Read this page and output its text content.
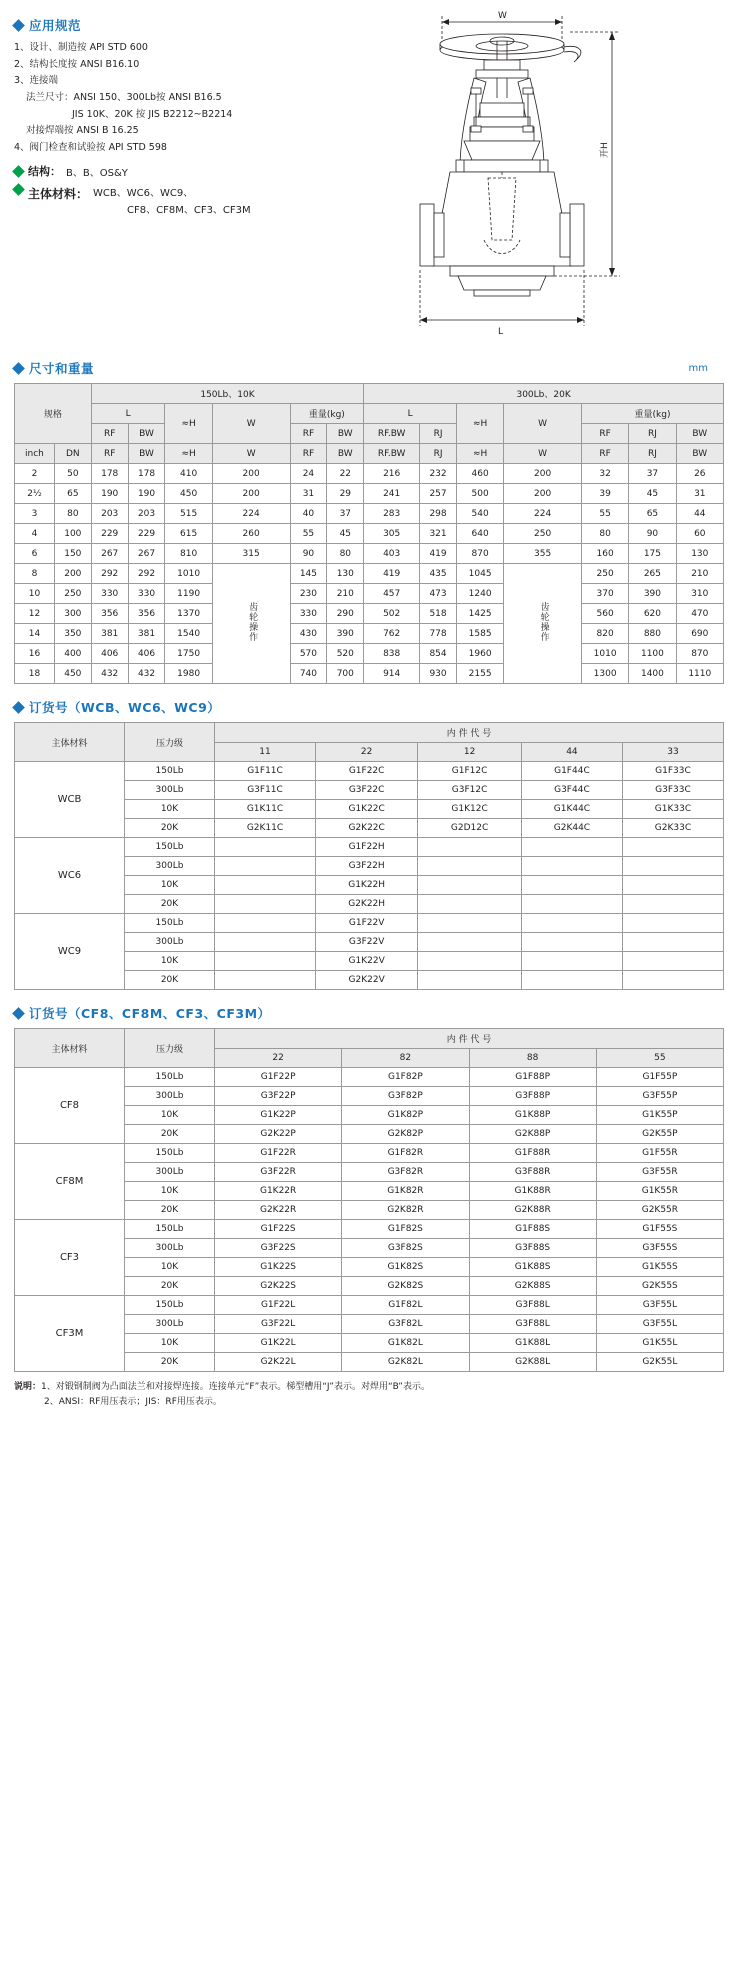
应用规范
1、设计、制造按 API STD 600
2、结构长度按 ANSI B16.10
3、连接端
法兰尺寸：ANSI 150、300Lb按 ANSI B16.5
JIS 10K、20K 按 JIS B2212~B2214
对接焊端按 ANSI B 16.25
4、阀门检查和试验按 API STD 598
结构： B、B、OS&Y
主体材料： WCB、WC6、WC9、
CF8、CF8M、CF3、CF3M
W
开H
L
尺寸和重量	mm
规格		150Lb、10K						300Lb、20K						
		L		≈H	W	重量(kg)		L		≈H	W	重量(kg)		
		RF	BW			RF	BW	RF.BW	RJ			RF	RJ	BW
inch	DN	RF	BW	≈H	W	RF	BW	RF.BW	RJ	≈H	W	RF	RJ	BW
2	50	178	178	410	200	24	22	216	232	460	200	32	37	26
2½	65	190	190	450	200	31	29	241	257	500	200	39	45	31
3	80	203	203	515	224	40	37	283	298	540	224	55	65	44
4	100	229	229	615	260	55	45	305	321	640	250	80	90	60
6	150	267	267	810	315	90	80	403	419	870	355	160	175	130
8	200	292	292	1010	齿轮操作	145	130	419	435	1045	齿轮操作	250	265	210
10	250	330	330	1190		230	210	457	473	1240		370	390	310
12	300	356	356	1370		330	290	502	518	1425		560	620	470
14	350	381	381	1540		430	390	762	778	1585		820	880	690
16	400	406	406	1750		570	520	838	854	1960		1010	1100	870
18	450	432	432	1980		740	700	914	930	2155		1300	1400	1110
订货号（WCB、WC6、WC9）
主体材料	压力级	内 件 代 号				
		11	22	12	44	33
WCB	150Lb	G1F11C	G1F22C	G1F12C	G1F44C	G1F33C
	300Lb	G3F11C	G3F22C	G3F12C	G3F44C	G3F33C
	10K	G1K11C	G1K22C	G1K12C	G1K44C	G1K33C
	20K	G2K11C	G2K22C	G2D12C	G2K44C	G2K33C
WC6	150Lb		G1F22H			
	300Lb		G3F22H			
	10K		G1K22H			
	20K		G2K22H			
WC9	150Lb		G1F22V			
	300Lb		G3F22V			
	10K		G1K22V			
	20K		G2K22V			
订货号（CF8、CF8M、CF3、CF3M）
主体材料	压力级	内 件 代 号			
		22	82	88	55
CF8	150Lb	G1F22P	G1F82P	G1F88P	G1F55P
	300Lb	G3F22P	G3F82P	G3F88P	G3F55P
	10K	G1K22P	G1K82P	G1K88P	G1K55P
	20K	G2K22P	G2K82P	G2K88P	G2K55P
CF8M	150Lb	G1F22R	G1F82R	G1F88R	G1F55R
	300Lb	G3F22R	G3F82R	G3F88R	G3F55R
	10K	G1K22R	G1K82R	G1K88R	G1K55R
	20K	G2K22R	G2K82R	G2K88R	G2K55R
CF3	150Lb	G1F22S	G1F82S	G1F88S	G1F55S
	300Lb	G3F22S	G3F82S	G3F88S	G3F55S
	10K	G1K22S	G1K82S	G1K88S	G1K55S
	20K	G2K22S	G2K82S	G2K88S	G2K55S
CF3M	150Lb	G1F22L	G1F82L	G3F88L	G3F55L
	300Lb	G3F22L	G3F82L	G3F88L	G3F55L
	10K	G1K22L	G1K82L	G1K88L	G1K55L
	20K	G2K22L	G2K82L	G2K88L	G2K55L
说明：1、对锻钢制阀为凸面法兰和对接焊连接。连接单元“F”表示。梯型槽用“J”表示。对焊用“B”表示。
2、ANSI：RF用压表示；JIS：RF用压表示。
